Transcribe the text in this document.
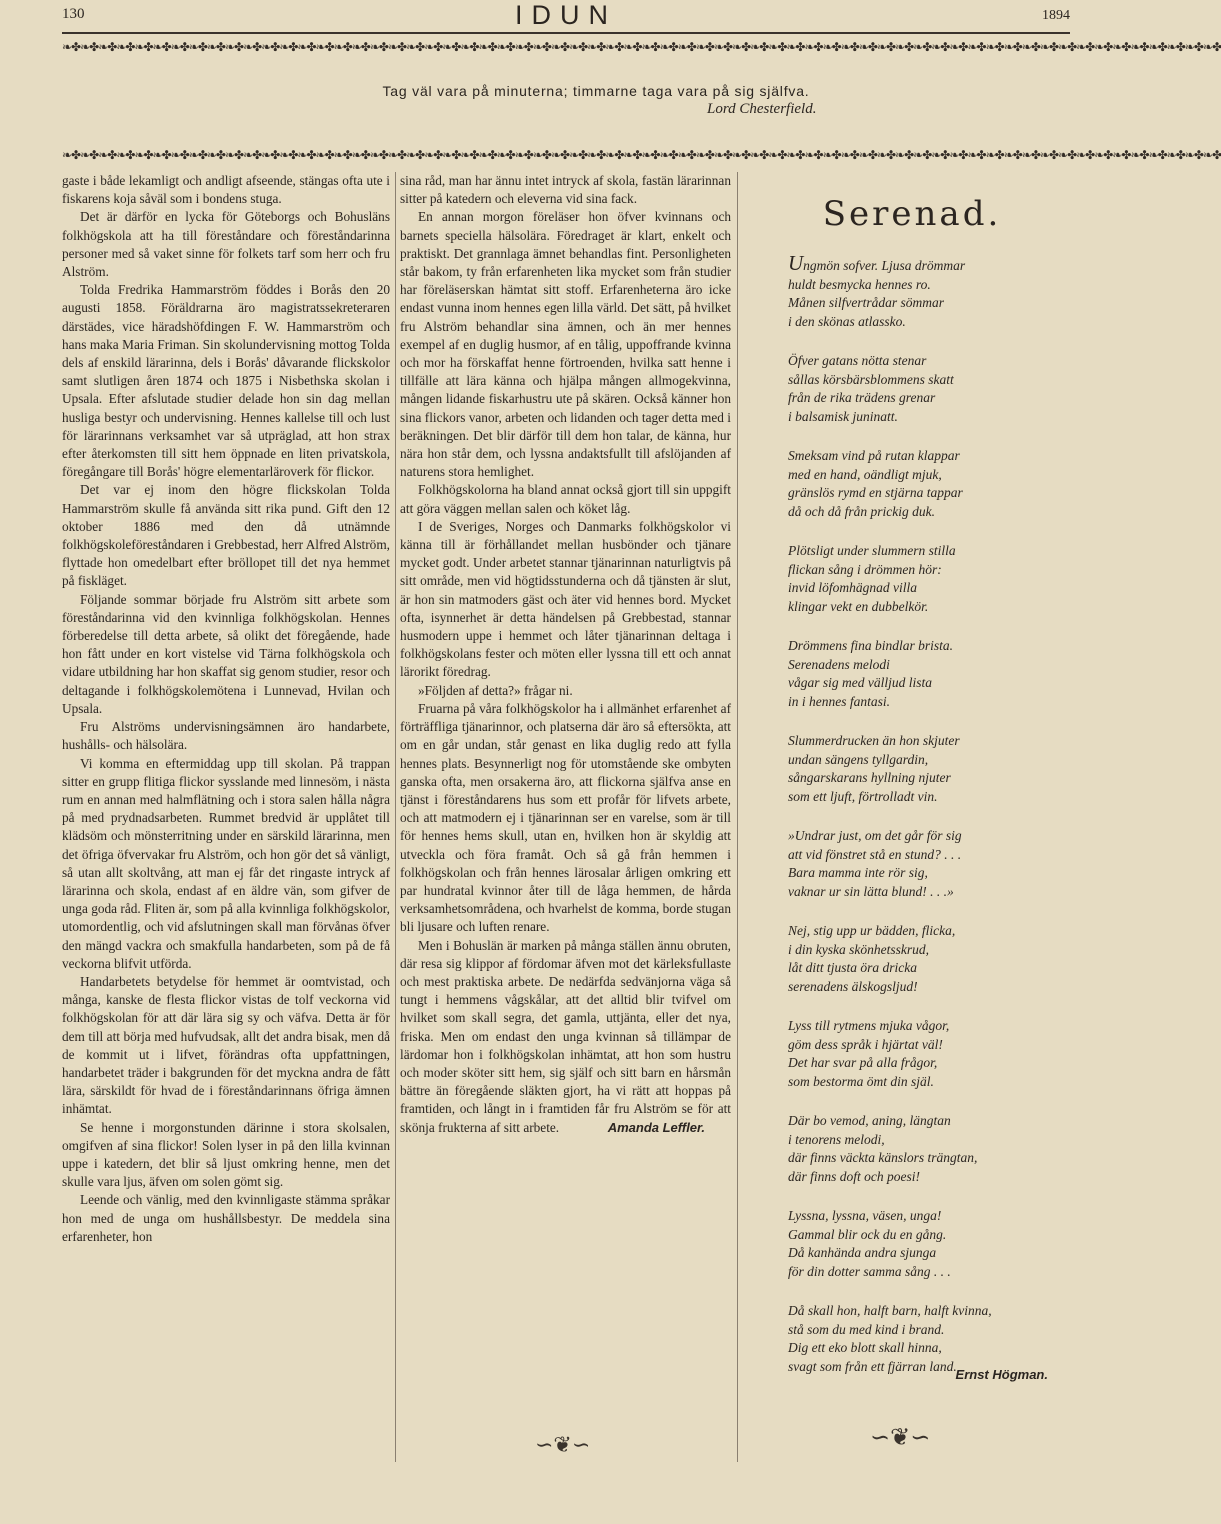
130	IDUN	1894
❧✤❧✤❧✤❧✤❧✤❧✤❧✤❧✤❧✤❧✤❧✤❧✤❧✤❧✤❧✤❧✤❧✤❧✤❧✤❧✤❧✤❧✤❧✤❧✤❧✤❧✤❧✤❧✤❧✤❧✤❧✤❧✤❧✤❧✤❧✤❧✤❧✤❧✤❧✤❧✤❧✤❧✤❧✤❧✤❧✤❧✤❧✤❧✤❧✤❧✤❧✤❧✤❧✤❧✤❧✤❧✤❧✤❧✤❧✤❧✤❧✤❧✤❧✤❧✤
Tag väl vara på minuterna; timmarne taga vara på sig själfva.
Lord Chesterfield.
❧✤❧✤❧✤❧✤❧✤❧✤❧✤❧✤❧✤❧✤❧✤❧✤❧✤❧✤❧✤❧✤❧✤❧✤❧✤❧✤❧✤❧✤❧✤❧✤❧✤❧✤❧✤❧✤❧✤❧✤❧✤❧✤❧✤❧✤❧✤❧✤❧✤❧✤❧✤❧✤❧✤❧✤❧✤❧✤❧✤❧✤❧✤❧✤❧✤❧✤❧✤❧✤❧✤❧✤❧✤❧✤❧✤❧✤❧✤❧✤❧✤❧✤❧✤❧✤

gaste i både lekamligt och andligt afseende, stängas ofta ute i fiskarens koja såväl som i bondens stuga.

Det är därför en lycka för Göteborgs och Bohusläns folkhögskola att ha till föreståndare och föreståndarinna personer med så vaket sinne för folkets tarf som herr och fru Alström.

Tolda Fredrika Hammarström föddes i Borås den 20 augusti 1858. Föräldrarna äro magistratssekreteraren därstädes, vice häradshöfdingen F. W. Hammarström och hans maka Maria Friman. Sin skolundervisning mottog Tolda dels af enskild lärarinna, dels i Borås' dåvarande flickskolor samt slutligen åren 1874 och 1875 i Nisbethska skolan i Upsala. Efter afslutade studier delade hon sin dag mellan husliga bestyr och undervisning. Hennes kallelse till och lust för lärarinnans verksamhet var så utpräglad, att hon strax efter återkomsten till sitt hem öppnade en liten privatskola, föregångare till Borås' högre elementarläroverk för flickor.

Det var ej inom den högre flickskolan Tolda Hammarström skulle få använda sitt rika pund. Gift den 12 oktober 1886 med den då utnämnde folkhögskoleföreståndaren i Grebbestad, herr Alfred Alström, flyttade hon omedelbart efter bröllopet till det nya hemmet på fiskläget.

Följande sommar började fru Alström sitt arbete som föreståndarinna vid den kvinnliga folkhögskolan. Hennes förberedelse till detta arbete, så olikt det föregående, hade hon fått under en kort vistelse vid Tärna folkhögskola och vidare utbildning har hon skaffat sig genom studier, resor och deltagande i folkhögskolemötena i Lunnevad, Hvilan och Upsala.

Fru Alströms undervisningsämnen äro handarbete, hushålls- och hälsolära.

Vi komma en eftermiddag upp till skolan. På trappan sitter en grupp flitiga flickor sysslande med linnesöm, i nästa rum en annan med halmflätning och i stora salen hålla några på med prydnadsarbeten. Rummet bredvid är upplåtet till klädsöm och mönsterritning under en särskild lärarinna, men det öfriga öfvervakar fru Alström, och hon gör det så vänligt, så utan allt skoltvång, att man ej får det ringaste intryck af lärarinna och skola, endast af en äldre vän, som gifver de unga goda råd. Fliten är, som på alla kvinnliga folkhögskolor, utomordentlig, och vid afslutningen skall man förvånas öfver den mängd vackra och smakfulla handarbeten, som på de få veckorna blifvit utförda.

Handarbetets betydelse för hemmet är oomtvistad, och många, kanske de flesta flickor vistas de tolf veckorna vid folkhögskolan för att där lära sig sy och väfva. Detta är för dem till att börja med hufvudsak, allt det andra bisak, men då de kommit ut i lifvet, förändras ofta uppfattningen, handarbetet träder i bakgrunden för det myckna andra de fått lära, särskildt för hvad de i föreståndarinnans öfriga ämnen inhämtat.

Se henne i morgonstunden därinne i stora skolsalen, omgifven af sina flickor! Solen lyser in på den lilla kvinnan uppe i katedern, det blir så ljust omkring henne, men det skulle vara ljus, äfven om solen gömt sig.

Leende och vänlig, med den kvinnligaste stämma språkar hon med de unga om hushållsbestyr. De meddela sina erfarenheter, hon

sina råd, man har ännu intet intryck af skola, fastän lärarinnan sitter på katedern och eleverna vid sina fack.

En annan morgon föreläser hon öfver kvinnans och barnets speciella hälsolära. Föredraget är klart, enkelt och praktiskt. Det grannlaga ämnet behandlas fint. Personligheten står bakom, ty från erfarenheten lika mycket som från studier har föreläserskan hämtat sitt stoff. Erfarenheterna äro icke endast vunna inom hennes egen lilla värld. Det sätt, på hvilket fru Alström behandlar sina ämnen, och än mer hennes exempel af en duglig husmor, af en tålig, uppoffrande kvinna och mor ha förskaffat henne förtroenden, hvilka satt henne i tillfälle att lära känna och hjälpa mången allmogekvinna, mången lidande fiskarhustru ute på skären. Också känner hon sina flickors vanor, arbeten och lidanden och tager detta med i beräkningen. Det blir därför till dem hon talar, de känna, hur nära hon står dem, och lyssna andaktsfullt till afslöjanden af naturens stora hemlighet.

Folkhögskolorna ha bland annat också gjort till sin uppgift att göra väggen mellan salen och köket låg.

I de Sveriges, Norges och Danmarks folkhögskolor vi känna till är förhållandet mellan husbönder och tjänare mycket godt. Under arbetet stannar tjänarinnan naturligtvis på sitt område, men vid högtidsstunderna och då tjänsten är slut, är hon sin matmoders gäst och äter vid hennes bord. Mycket ofta, isynnerhet är detta händelsen på Grebbestad, stannar husmodern uppe i hemmet och låter tjänarinnan deltaga i folkhögskolans fester och möten eller lyssna till ett och annat lärorikt föredrag.

»Följden af detta?» frågar ni.

Fruarna på våra folkhögskolor ha i allmänhet erfarenhet af förträffliga tjänarinnor, och platserna där äro så eftersökta, att om en går undan, står genast en lika duglig redo att fylla hennes plats. Besynnerligt nog för utomstående ske ombyten ganska ofta, men orsakerna äro, att flickorna själfva anse en tjänst i föreståndarens hus som ett profår för lifvets arbete, och att matmodern ej i tjänarinnan ser en varelse, som är till för hennes hems skull, utan en, hvilken hon är skyldig att utveckla och föra framåt. Och så gå från hemmen i folkhögskolan och från hennes lärosalar årligen omkring ett par hundratal kvinnor åter till de låga hemmen, de hårda verksamhetsområdena, och hvarhelst de komma, borde stugan bli ljusare och luften renare.

Men i Bohuslän är marken på många ställen ännu obruten, där resa sig klippor af fördomar äfven mot det kärleksfullaste och mest praktiska arbete. De nedärfda sedvänjorna väga så tungt i hemmens vågskålar, att det alltid blir tvifvel om hvilket som skall segra, det gamla, uttjänta, eller det nya, friska. Men om endast den unga kvinnan så tillämpar de lärdomar hon i folkhögskolan inhämtat, att hon som hustru och moder sköter sitt hem, sig själf och sitt barn en hårsmån bättre än föregående släkten gjort, ha vi rätt att hoppas på framtiden, och långt in i framtiden får fru Alström se för att skönja frukterna af sitt arbete.	Amanda Leffler.
∽❦∽
Serenad.
Ungmön sofver. Ljusa drömmar
huldt besmycka hennes ro.
Månen silfvertrådar sömmar
i den skönas atlassko.
Öfver gatans nötta stenar
sållas körsbärsblommens skatt
från de rika trädens grenar
i balsamisk juninatt.
Smeksam vind på rutan klappar
med en hand, oändligt mjuk,
gränslös rymd en stjärna tappar
då och då från prickig duk.
Plötsligt under slummern stilla
flickan sång i drömmen hör:
invid löfomhägnad villa
klingar vekt en dubbelkör.
Drömmens fina bindlar brista.
Serenadens melodi
vågar sig med välljud lista
in i hennes fantasi.
Slummerdrucken än hon skjuter
undan sängens tyllgardin,
sångarskarans hyllning njuter
som ett ljuft, förtrolladt vin.
»Undrar just, om det går för sig
att vid fönstret stå en stund? . . .
Bara mamma inte rör sig,
vaknar ur sin lätta blund! . . .»
Nej, stig upp ur bädden, flicka,
i din kyska skönhetsskrud,
låt ditt tjusta öra dricka
serenadens älskogsljud!
Lyss till rytmens mjuka vågor,
göm dess språk i hjärtat väl!
Det har svar på alla frågor,
som bestorma ömt din själ.
Där bo vemod, aning, längtan
i tenorens melodi,
där finns väckta känslors trängtan,
där finns doft och poesi!
Lyssna, lyssna, väsen, unga!
Gammal blir ock du en gång.
Då kanhända andra sjunga
för din dotter samma sång . . .
Då skall hon, halft barn, halft kvinna,
stå som du med kind i brand.
Dig ett eko blott skall hinna,
svagt som från ett fjärran land.
Ernst Högman.
∽❦∽
